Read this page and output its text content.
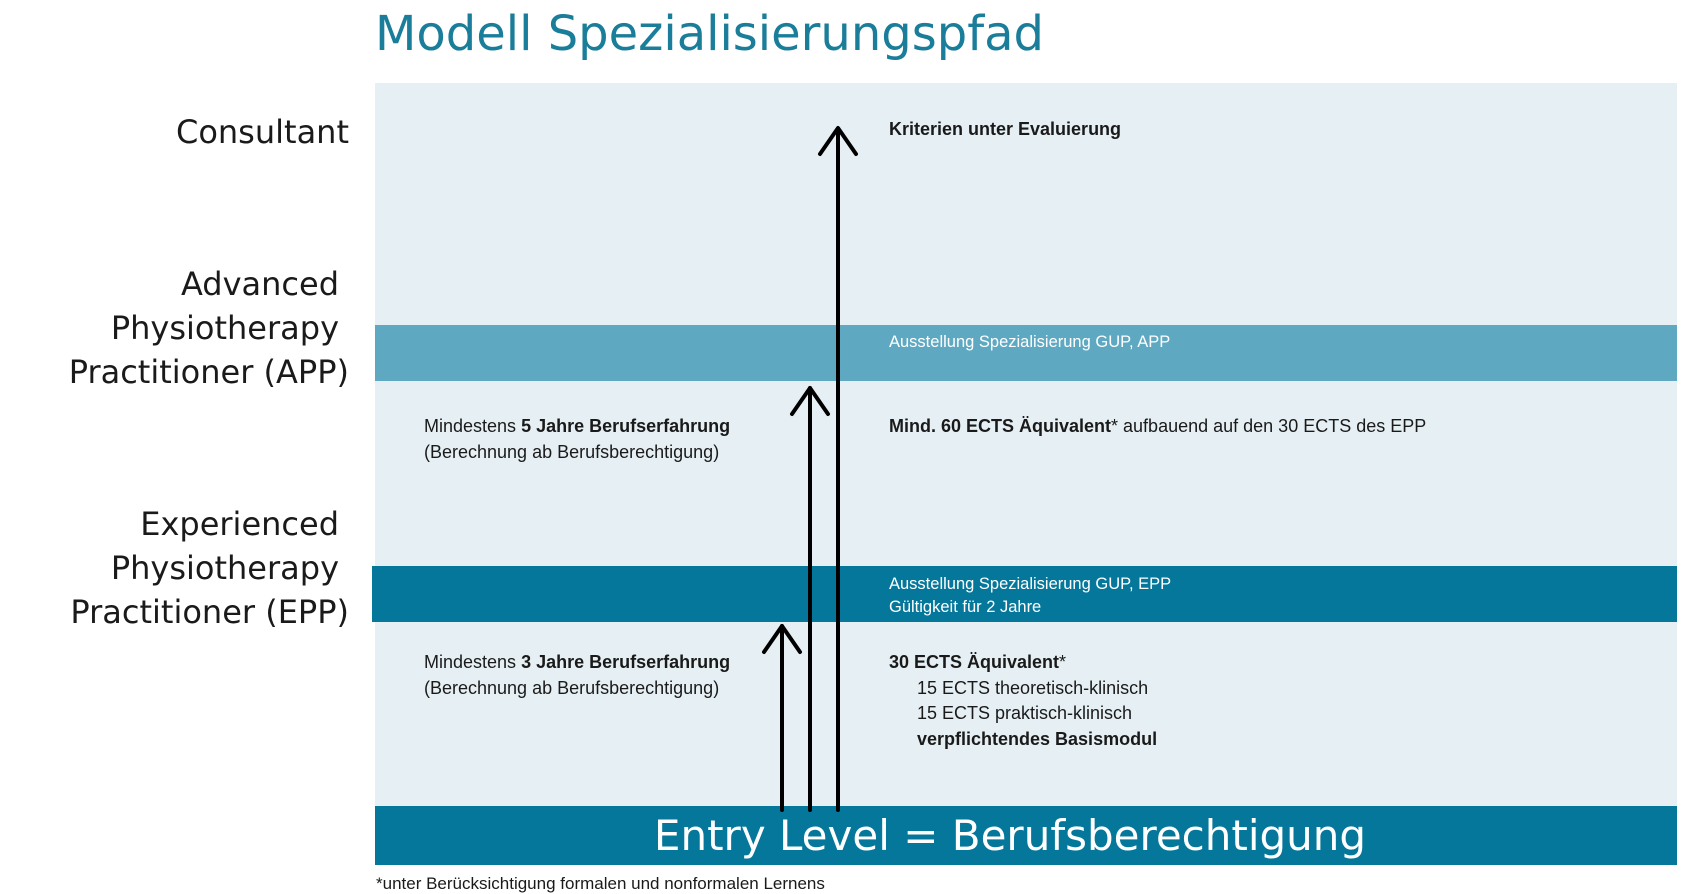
Modell Spezialisierungspfad
Consultant
Advanced
Physiotherapy
Practitioner (APP)
Experienced
Physiotherapy
Practitioner (EPP)
Kriterien unter Evaluierung
Ausstellung Spezialisierung GUP, APP
Mindestens 5 Jahre Berufserfahrung
(Berechnung ab Berufsberechtigung)
Mind. 60 ECTS Äquivalent* aufbauend auf den 30 ECTS des EPP
Ausstellung Spezialisierung GUP, EPP
Gültigkeit für 2 Jahre
Mindestens 3 Jahre Berufserfahrung
(Berechnung ab Berufsberechtigung)
30 ECTS Äquivalent*
15 ECTS theoretisch-klinisch
15 ECTS praktisch-klinisch
verpflichtendes Basismodul
Entry Level = Berufsberechtigung
*unter Berücksichtigung formalen und nonformalen Lernens
